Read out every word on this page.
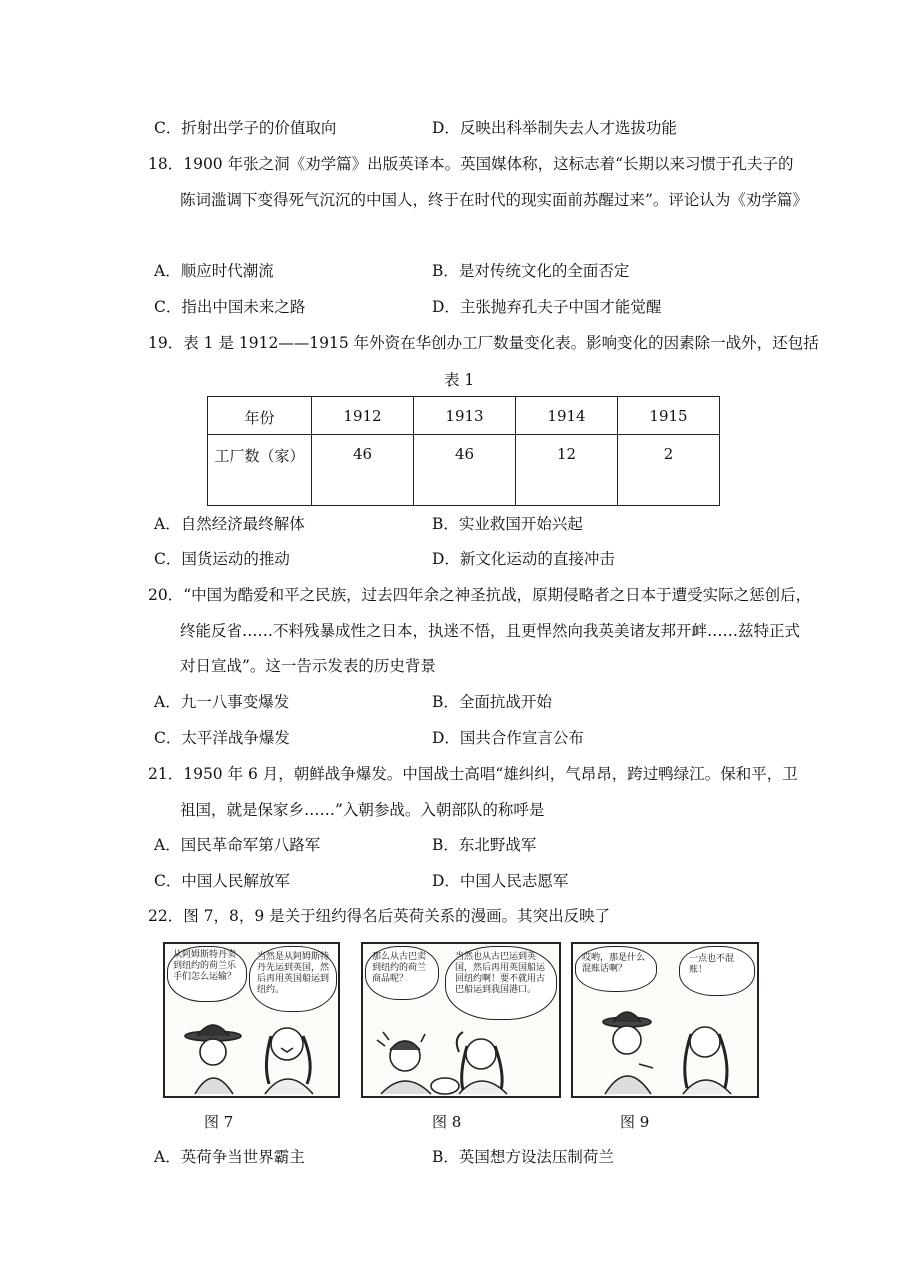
C．折射出学子的价值取向	D．反映出科举制失去人才选拔功能
18．1900 年张之洞《劝学篇》出版英译本。英国媒体称，这标志着“长期以来习惯于孔夫子的
陈词滥调下变得死气沉沉的中国人，终于在时代的现实面前苏醒过来”。评论认为《劝学篇》
A．顺应时代潮流	B．是对传统文化的全面否定
C．指出中国未来之路	D．主张抛弃孔夫子中国才能觉醒
19．表 1 是 1912——1915 年外资在华创办工厂数量变化表。影响变化的因素除一战外，还包括
表 1
年份	1912	1913	1914	1915
工厂数（家）	46	46	12	2
A．自然经济最终解体	B．实业救国开始兴起
C．国货运动的推动	D．新文化运动的直接冲击
20．“中国为酷爱和平之民族，过去四年余之神圣抗战，原期侵略者之日本于遭受实际之惩创后，
终能反省……不料残暴成性之日本，执迷不悟，且更悍然向我英美诸友邦开衅……兹特正式
对日宣战”。这一告示发表的历史背景
A．九一八事变爆发	B．全面抗战开始
C．太平洋战争爆发	D．国共合作宣言公布
21．1950 年 6 月，朝鲜战争爆发。中国战士高唱“雄纠纠，气昂昂，跨过鸭绿江。保和平，卫
祖国，就是保家乡……”入朝参战。入朝部队的称呼是
A．国民革命军第八路军	B．东北野战军
C．中国人民解放军	D．中国人民志愿军
22．图 7，8，9 是关于纽约得名后英荷关系的漫画。其突出反映了
从阿姆斯特丹卖到纽约的荷兰乐手们怎么运输？
当然是从阿姆斯特丹先运到英国，然后再用英国船运到纽约。
那么从古巴卖到纽约的荷兰商品呢？
当然也从古巴运到英国，然后再用英国船运回纽约啊！要不就用古巴船运到我国港口。
哎哟，那是什么混账话啊？
一点也不混账！
图 7	图 8	图 9
A．英荷争当世界霸主	B．英国想方设法压制荷兰
